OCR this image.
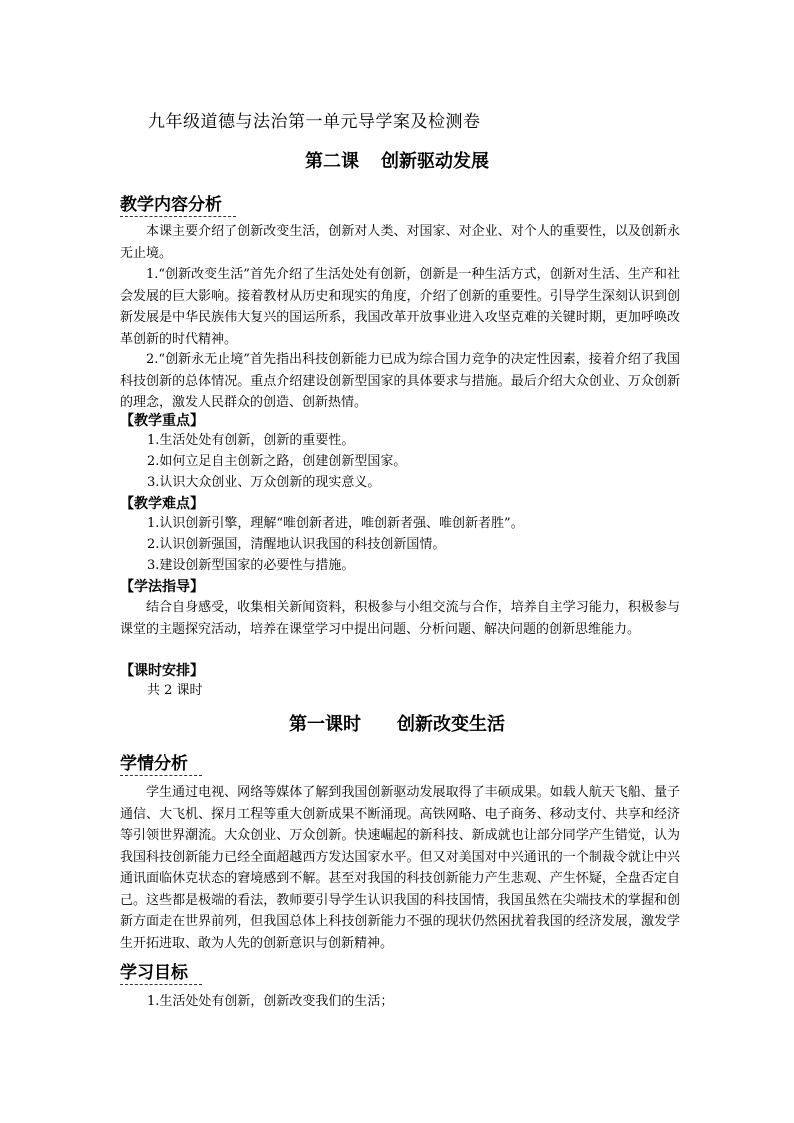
九年级道德与法治第一单元导学案及检测卷
第二课 创新驱动发展
教学内容分析
本课主要介绍了创新改变生活，创新对人类、对国家、对企业、对个人的重要性，以及创新永无止境。
1.“创新改变生活”首先介绍了生活处处有创新，创新是一种生活方式，创新对生活、生产和社会发展的巨大影响。接着教材从历史和现实的角度，介绍了创新的重要性。引导学生深刻认识到创新发展是中华民族伟大复兴的国运所系，我国改革开放事业进入攻坚克难的关键时期，更加呼唤改革创新的时代精神。
2.“创新永无止境”首先指出科技创新能力已成为综合国力竞争的决定性因素，接着介绍了我国科技创新的总体情况。重点介绍建设创新型国家的具体要求与措施。最后介绍大众创业、万众创新的理念，激发人民群众的创造、创新热情。
【教学重点】
1.生活处处有创新，创新的重要性。
2.如何立足自主创新之路，创建创新型国家。
3.认识大众创业、万众创新的现实意义。
【教学难点】
1.认识创新引擎，理解“唯创新者进，唯创新者强、唯创新者胜”。
2.认识创新强国，清醒地认识我国的科技创新国情。
3.建设创新型国家的必要性与措施。
【学法指导】
结合自身感受，收集相关新闻资料，积极参与小组交流与合作，培养自主学习能力，积极参与课堂的主题探究活动，培养在课堂学习中提出问题、分析问题、解决问题的创新思维能力。
【课时安排】
共 2 课时
第一课时 创新改变生活
学情分析
学生通过电视、网络等媒体了解到我国创新驱动发展取得了丰硕成果。如载人航天飞船、量子通信、大飞机、探月工程等重大创新成果不断涌现。高铁网略、电子商务、移动支付、共享和经济等引领世界潮流。大众创业、万众创新。快速崛起的新科技、新成就也让部分同学产生错觉，认为我国科技创新能力已经全面超越西方发达国家水平。但又对美国对中兴通讯的一个制裁令就让中兴通讯面临休克状态的窘境感到不解。甚至对我国的科技创新能力产生悲观、产生怀疑，全盘否定自己。这些都是极端的看法，教师要引导学生认识我国的科技国情，我国虽然在尖端技术的掌握和创新方面走在世界前列，但我国总体上科技创新能力不强的现状仍然困扰着我国的经济发展，激发学生开拓进取、敢为人先的创新意识与创新精神。
学习目标
1.生活处处有创新，创新改变我们的生活；
